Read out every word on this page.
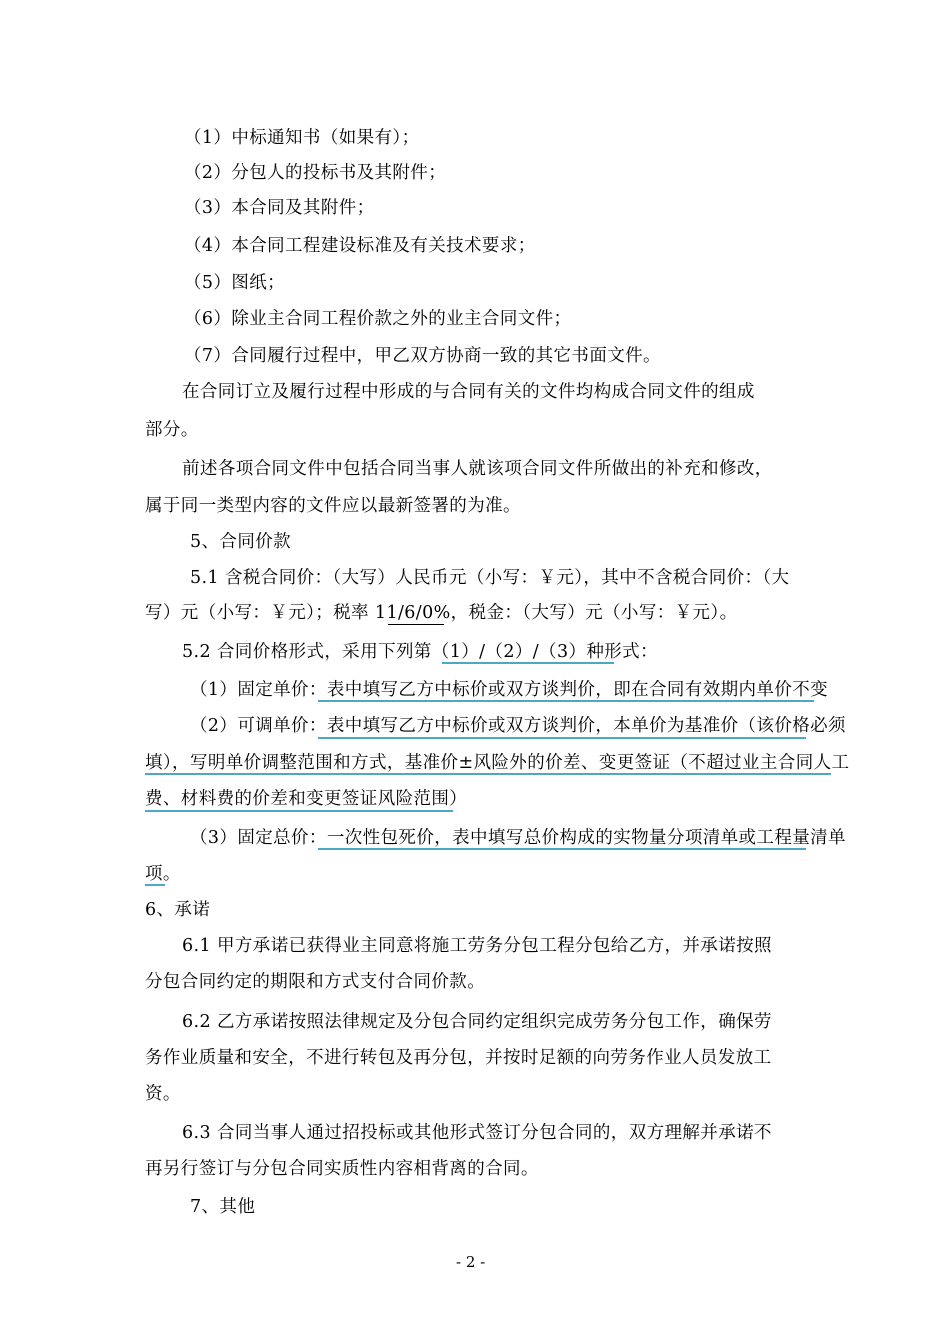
（1）中标通知书（如果有）；
（2）分包人的投标书及其附件；
（3）本合同及其附件；
（4）本合同工程建设标准及有关技术要求；
（5）图纸；
（6）除业主合同工程价款之外的业主合同文件；
（7）合同履行过程中，甲乙双方协商一致的其它书面文件。
在合同订立及履行过程中形成的与合同有关的文件均构成合同文件的组成
部分。
前述各项合同文件中包括合同当事人就该项合同文件所做出的补充和修改，
属于同一类型内容的文件应以最新签署的为准。
5、合同价款
5.1 含税合同价：（大写）人民币元（小写：￥元），其中不含税合同价：（大
写）元（小写：￥元）；税率 11/6/0%，税金：（大写）元（小写：￥元）。
5.2 合同价格形式，采用下列第（1）/（2）/（3）种形式：
（1）固定单价：表中填写乙方中标价或双方谈判价，即在合同有效期内单价不变
（2）可调单价：表中填写乙方中标价或双方谈判价，本单价为基准价（该价格必须
填），写明单价调整范围和方式，基准价±风险外的价差、变更签证（不超过业主合同人工
费、材料费的价差和变更签证风险范围）
（3）固定总价：一次性包死价，表中填写总价构成的实物量分项清单或工程量清单
项。
6、承诺
6.1 甲方承诺已获得业主同意将施工劳务分包工程分包给乙方，并承诺按照
分包合同约定的期限和方式支付合同价款。
6.2 乙方承诺按照法律规定及分包合同约定组织完成劳务分包工作，确保劳
务作业质量和安全，不进行转包及再分包，并按时足额的向劳务作业人员发放工
资。
6.3 合同当事人通过招投标或其他形式签订分包合同的，双方理解并承诺不
再另行签订与分包合同实质性内容相背离的合同。
7、其他
- 2 -
